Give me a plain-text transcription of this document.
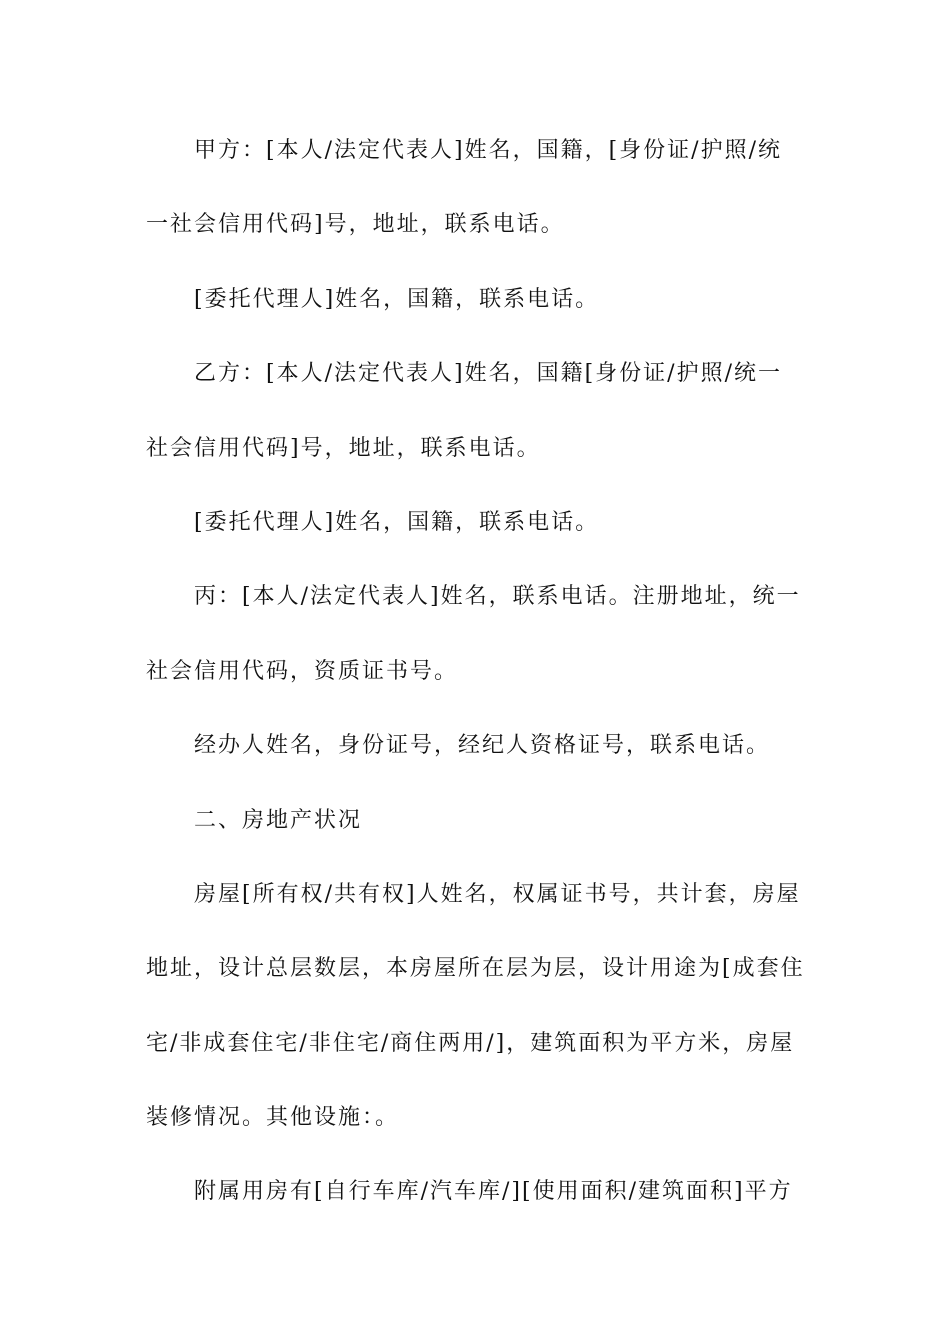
甲方：[本人/法定代表人]姓名，国籍，[身份证/护照/统
一社会信用代码]号，地址，联系电话。
[委托代理人]姓名，国籍，联系电话。
乙方：[本人/法定代表人]姓名，国籍[身份证/护照/统一
社会信用代码]号，地址，联系电话。
[委托代理人]姓名，国籍，联系电话。
丙：[本人/法定代表人]姓名，联系电话。注册地址，统一
社会信用代码，资质证书号。
经办人姓名，身份证号，经纪人资格证号，联系电话。
二、房地产状况
房屋[所有权/共有权]人姓名，权属证书号，共计套，房屋
地址，设计总层数层，本房屋所在层为层，设计用途为[成套住
宅/非成套住宅/非住宅/商住两用/]，建筑面积为平方米，房屋
装修情况。其他设施：。
附属用房有[自行车库/汽车库/][使用面积/建筑面积]平方
